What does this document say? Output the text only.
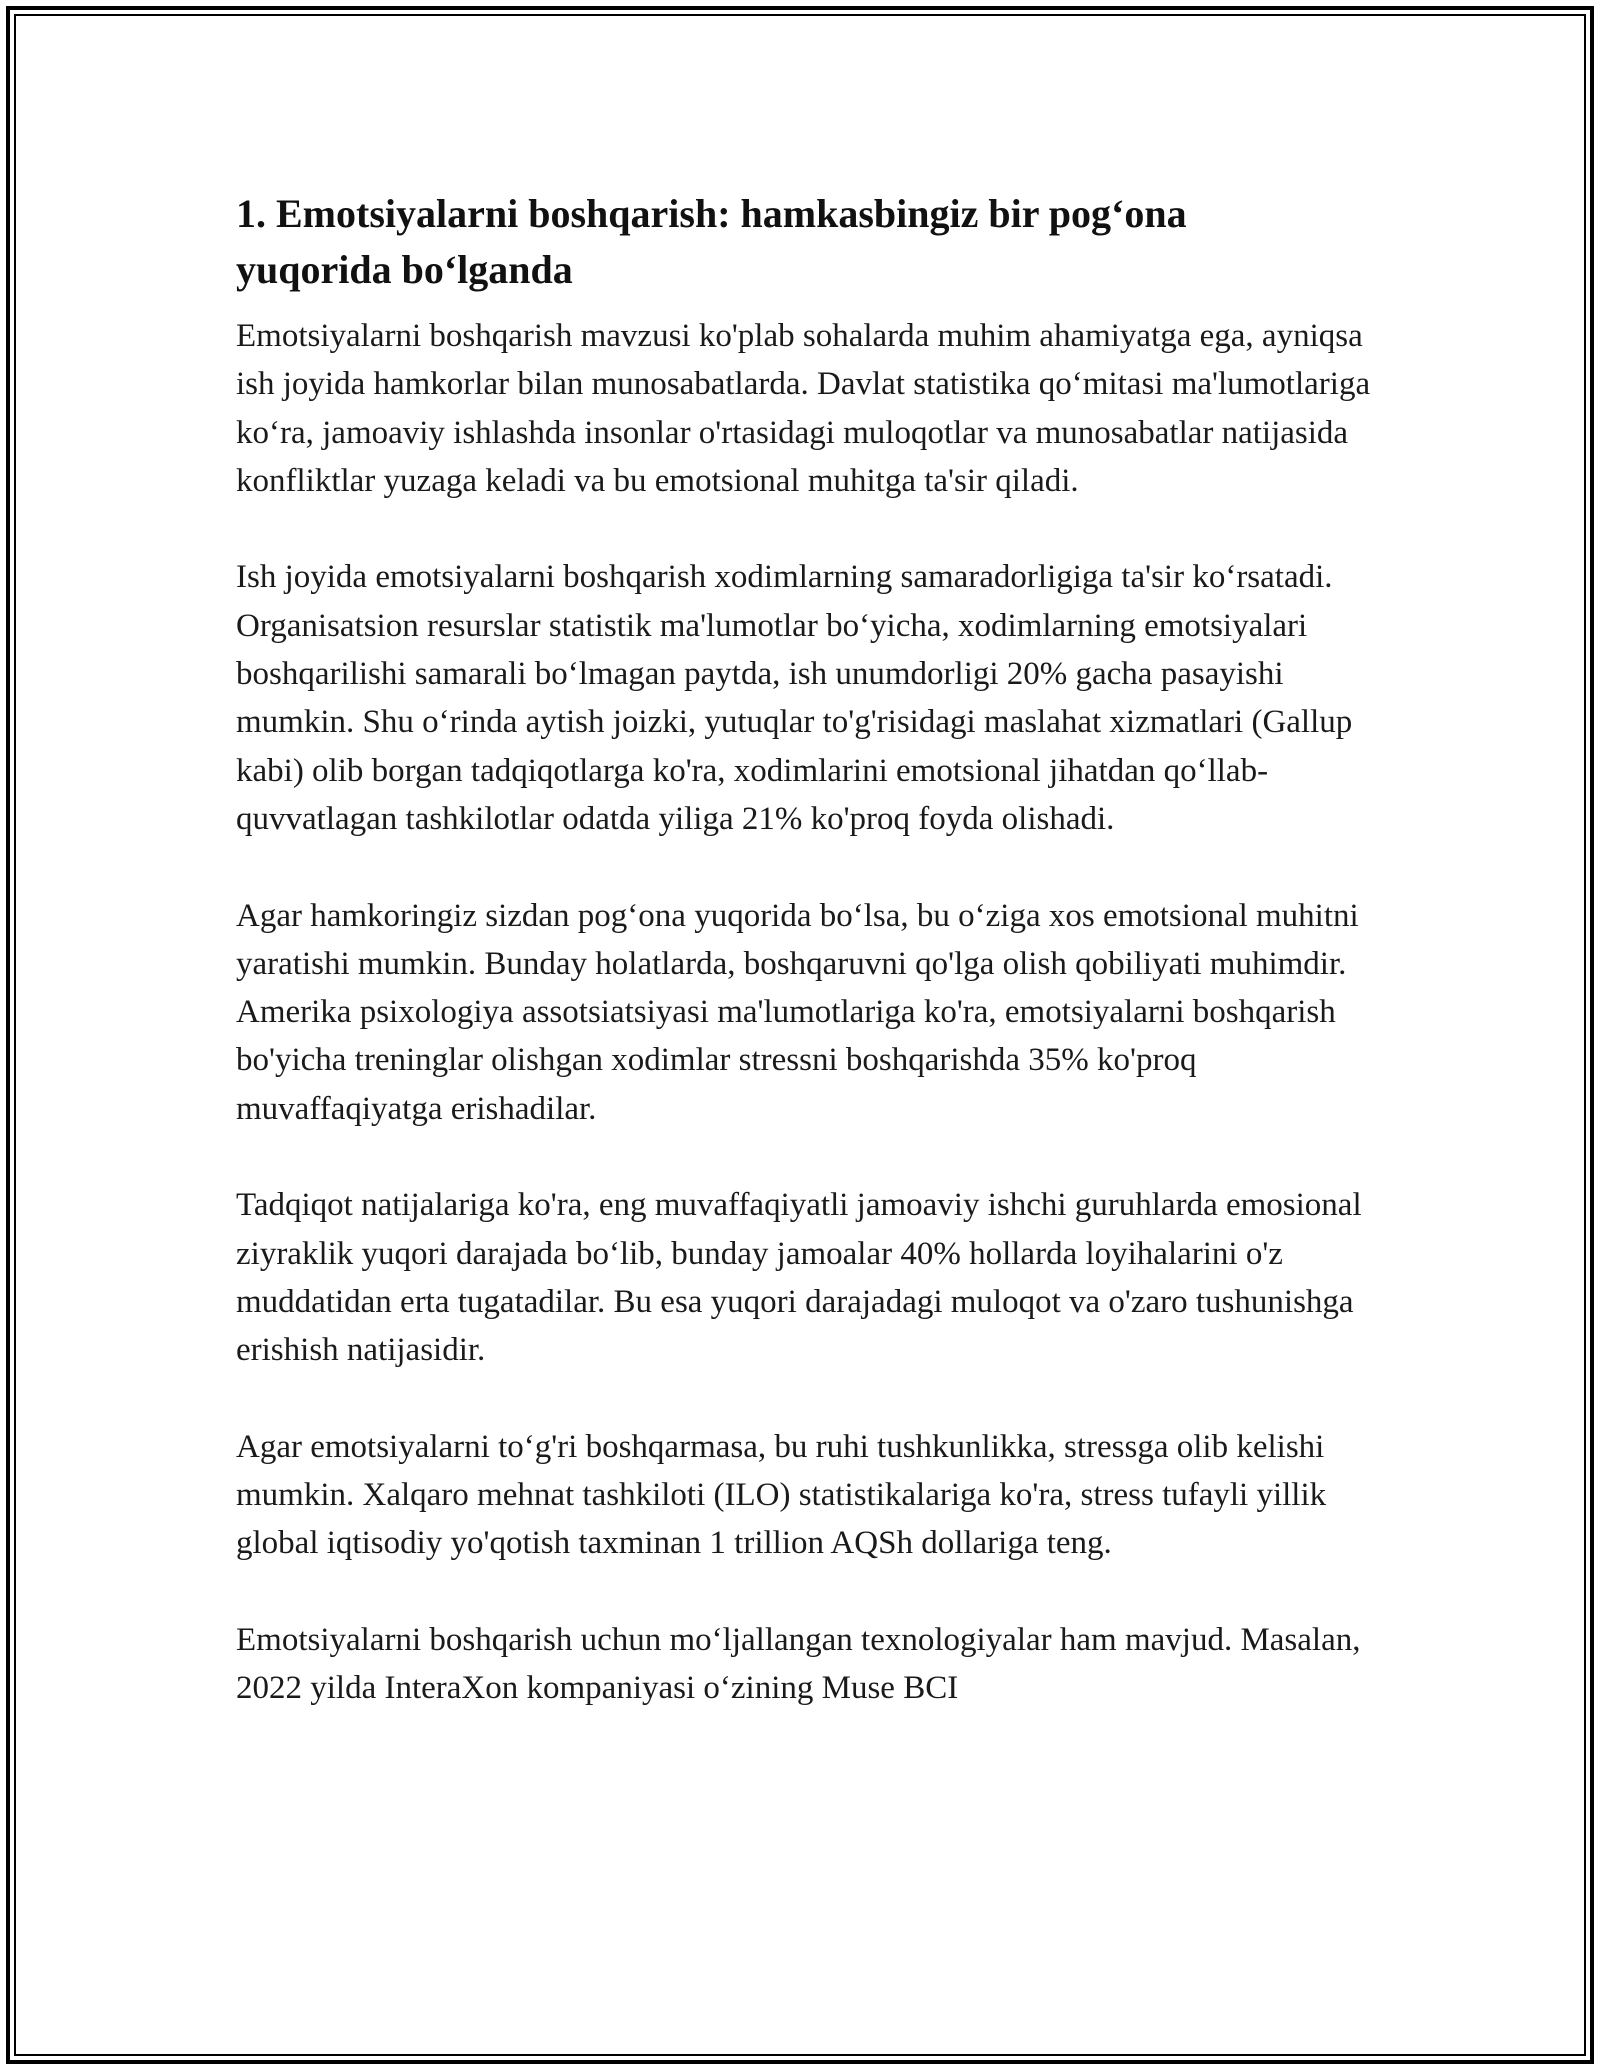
1. Emotsiyalarni boshqarish: hamkasbingiz bir pog‘ona
yuqorida bo‘lganda

Emotsiyalarni boshqarish mavzusi ko'plab sohalarda muhim ahamiyatga ega, ayniqsa ish joyida hamkorlar bilan munosabatlarda. Davlat statistika qo‘mitasi ma'lumotlariga ko‘ra, jamoaviy ishlashda insonlar o'rtasidagi muloqotlar va munosabatlar natijasida konfliktlar yuzaga keladi va bu emotsional muhitga ta'sir qiladi.

Ish joyida emotsiyalarni boshqarish xodimlarning samaradorligiga ta'sir ko‘rsatadi. Organisatsion resurslar statistik ma'lumotlar bo‘yicha, xodimlarning emotsiyalari boshqarilishi samarali bo‘lmagan paytda, ish unumdorligi 20% gacha pasayishi mumkin. Shu o‘rinda aytish joizki, yutuqlar to'g'risidagi maslahat xizmatlari (Gallup kabi) olib borgan tadqiqotlarga ko'ra, xodimlarini emotsional jihatdan qo‘llab-quvvatlagan tashkilotlar odatda yiliga 21% ko'proq foyda olishadi.

Agar hamkoringiz sizdan pog‘ona yuqorida bo‘lsa, bu o‘ziga xos emotsional muhitni yaratishi mumkin. Bunday holatlarda, boshqaruvni qo'lga olish qobiliyati muhimdir. Amerika psixologiya assotsiatsiyasi ma'lumotlariga ko'ra, emotsiyalarni boshqarish bo'yicha treninglar olishgan xodimlar stressni boshqarishda 35% ko'proq muvaffaqiyatga erishadilar.

Tadqiqot natijalariga ko'ra, eng muvaffaqiyatli jamoaviy ishchi guruhlarda emosional ziyraklik yuqori darajada bo‘lib, bunday jamoalar 40% hollarda loyihalarini o'z muddatidan erta tugatadilar. Bu esa yuqori darajadagi muloqot va o'zaro tushunishga erishish natijasidir.

Agar emotsiyalarni to‘g'ri boshqarmasa, bu ruhi tushkunlikka, stressga olib kelishi mumkin. Xalqaro mehnat tashkiloti (ILO) statistikalariga ko'ra, stress tufayli yillik global iqtisodiy yo'qotish taxminan 1 trillion AQSh dollariga teng.

Emotsiyalarni boshqarish uchun mo‘ljallangan texnologiyalar ham mavjud. Masalan, 2022 yilda InteraXon kompaniyasi o‘zining Muse BCI
